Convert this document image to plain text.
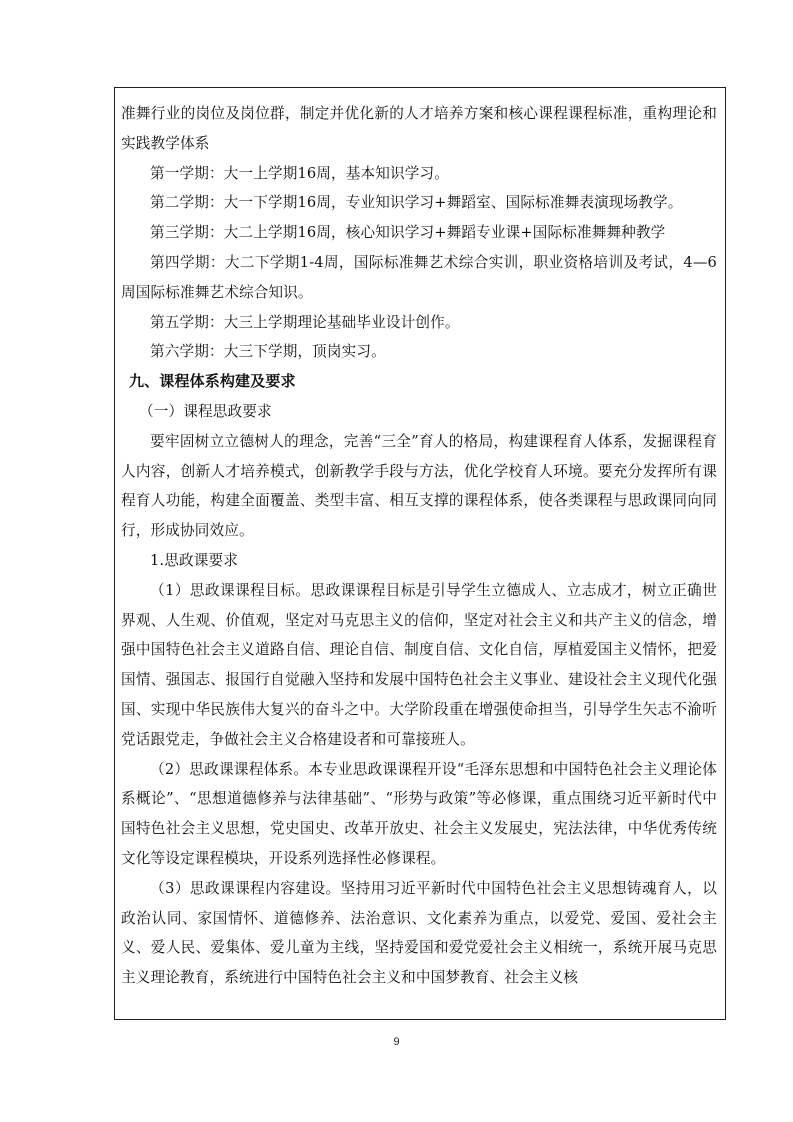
准舞行业的岗位及岗位群，制定并优化新的人才培养方案和核心课程课程标准，重构理论和实践教学体系

第一学期：大一上学期16周，基本知识学习。

第二学期：大一下学期16周，专业知识学习+舞蹈室、国际标准舞表演现场教学。

第三学期：大二上学期16周，核心知识学习+舞蹈专业课+国际标准舞舞种教学

第四学期：大二下学期1-4周，国际标准舞艺术综合实训，职业资格培训及考试，4—6周国际标准舞艺术综合知识。

第五学期：大三上学期理论基础毕业设计创作。

第六学期：大三下学期，顶岗实习。

九、课程体系构建及要求

（一）课程思政要求

要牢固树立立德树人的理念，完善“三全”育人的格局，构建课程育人体系，发掘课程育人内容，创新人才培养模式，创新教学手段与方法，优化学校育人环境。要充分发挥所有课程育人功能，构建全面覆盖、类型丰富、相互支撑的课程体系，使各类课程与思政课同向同行，形成协同效应。

1.思政课要求

（1）思政课课程目标。思政课课程目标是引导学生立德成人、立志成才，树立正确世界观、人生观、价值观，坚定对马克思主义的信仰，坚定对社会主义和共产主义的信念，增强中国特色社会主义道路自信、理论自信、制度自信、文化自信，厚植爱国主义情怀，把爱国情、强国志、报国行自觉融入坚持和发展中国特色社会主义事业、建设社会主义现代化强国、实现中华民族伟大复兴的奋斗之中。大学阶段重在增强使命担当，引导学生矢志不渝听党话跟党走，争做社会主义合格建设者和可靠接班人。

（2）思政课课程体系。本专业思政课课程开设“毛泽东思想和中国特色社会主义理论体系概论”、“思想道德修养与法律基础”、“形势与政策”等必修课，重点围绕习近平新时代中国特色社会主义思想，党史国史、改革开放史、社会主义发展史，宪法法律，中华优秀传统文化等设定课程模块，开设系列选择性必修课程。

（3）思政课课程内容建设。坚持用习近平新时代中国特色社会主义思想铸魂育人，以政治认同、家国情怀、道德修养、法治意识、文化素养为重点，以爱党、爱国、爱社会主义、爱人民、爱集体、爱儿童为主线，坚持爱国和爱党爱社会主义相统一，系统开展马克思主义理论教育，系统进行中国特色社会主义和中国梦教育、社会主义核

9
